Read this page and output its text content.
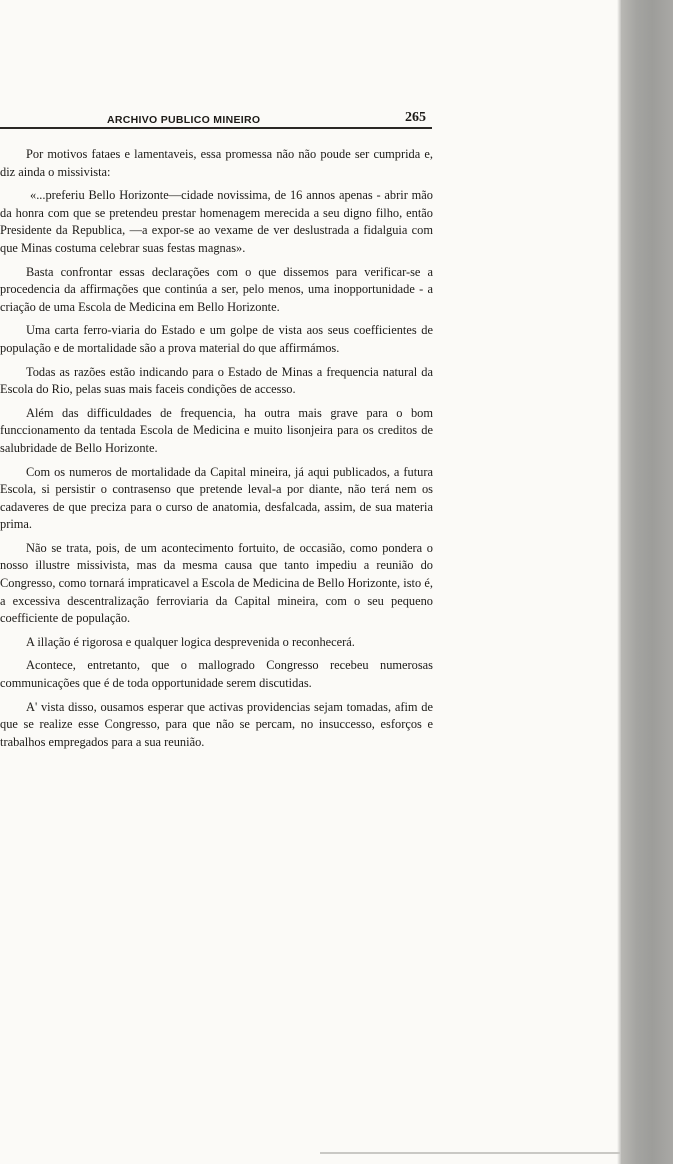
ARCHIVO PUBLICO MINEIRO	265

Por motivos fataes e lamentaveis, essa promessa não não poude ser cumprida e, diz ainda o missivista:

«...preferiu Bello Horizonte—cidade novissima, de 16 annos apenas - abrir mão da honra com que se pretendeu prestar homenagem merecida a seu digno filho, então Presidente da Republica, —a expor-se ao vexame de ver deslustrada a fidalguia com que Minas costuma celebrar suas festas magnas».

Basta confrontar essas declarações com o que dissemos para verificar-se a procedencia da affirmações que continúa a ser, pelo menos, uma inopportunidade - a criação de uma Escola de Medicina em Bello Horizonte.

Uma carta ferro-viaria do Estado e um golpe de vista aos seus coefficientes de população e de mortalidade são a prova material do que affirmámos.

Todas as razões estão indicando para o Estado de Minas a frequencia natural da Escola do Rio, pelas suas mais faceis condições de accesso.

Além das difficuldades de frequencia, ha outra mais grave para o bom funccionamento da tentada Escola de Medicina e muito lisonjeira para os creditos de salubridade de Bello Horizonte.

Com os numeros de mortalidade da Capital mineira, já aqui publicados, a futura Escola, si persistir o contrasenso que pretende leval-a por diante, não terá nem os cadaveres de que preciza para o curso de anatomia, desfalcada, assim, de sua materia prima.

Não se trata, pois, de um acontecimento fortuito, de occasião, como pondera o nosso illustre missivista, mas da mesma causa que tanto impediu a reunião do Congresso, como tornará impraticavel a Escola de Medicina de Bello Horizonte, isto é, a excessiva descentralização ferroviaria da Capital mineira, com o seu pequeno coefficiente de população.

A illação é rigorosa e qualquer logica desprevenida o reconhecerá.

Acontece, entretanto, que o mallogrado Congresso recebeu numerosas communicações que é de toda opportunidade serem discutidas.

A' vista disso, ousamos esperar que activas providencias sejam tomadas, afim de que se realize esse Congresso, para que não se percam, no insuccesso, esforços e trabalhos empregados para a sua reunião.
